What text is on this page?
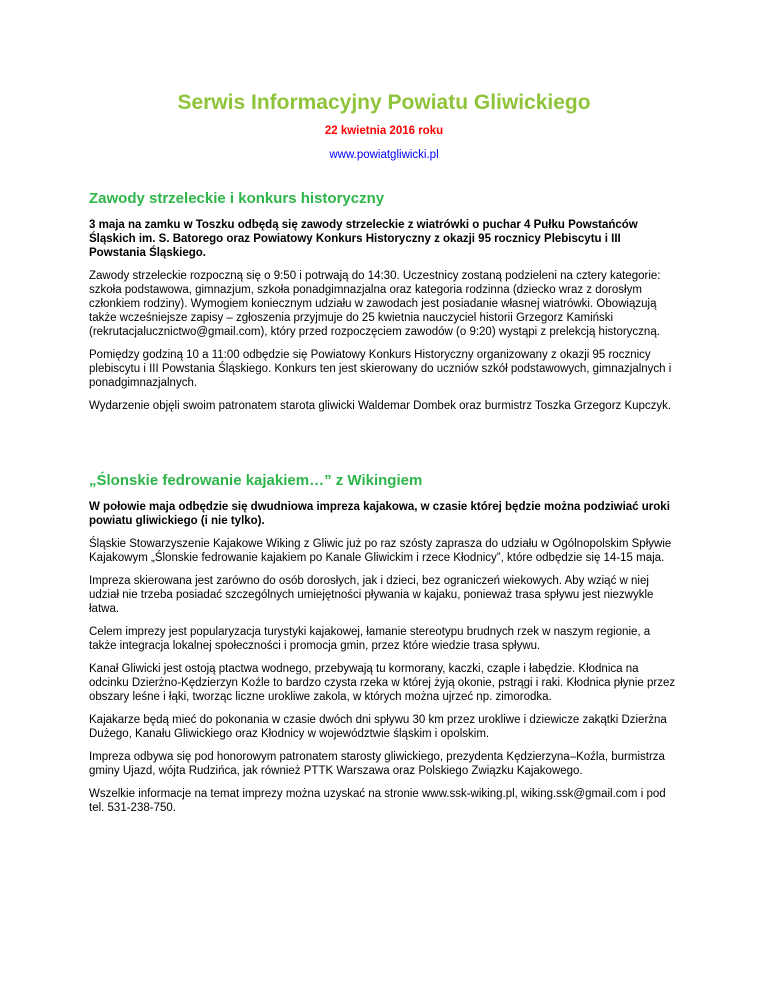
Serwis Informacyjny Powiatu Gliwickiego
22 kwietnia 2016 roku
www.powiatgliwicki.pl
Zawody strzeleckie i konkurs historyczny

3 maja na zamku w Toszku odbędą się zawody strzeleckie z wiatrówki o puchar 4 Pułku Powstańców Śląskich im. S. Batorego oraz Powiatowy Konkurs Historyczny z okazji 95 rocznicy Plebiscytu i III Powstania Śląskiego.

Zawody strzeleckie rozpoczną się o 9:50 i potrwają do 14:30. Uczestnicy zostaną podzieleni na cztery kategorie: szkoła podstawowa, gimnazjum, szkoła ponadgimnazjalna oraz kategoria rodzinna (dziecko wraz z dorosłym członkiem rodziny). Wymogiem koniecznym udziału w zawodach jest posiadanie własnej wiatrówki. Obowiązują także wcześniejsze zapisy – zgłoszenia przyjmuje do 25 kwietnia nauczyciel historii Grzegorz Kamiński (rekrutacjalucznictwo@gmail.com), który przed rozpoczęciem zawodów (o 9:20) wystąpi z prelekcją historyczną.

Pomiędzy godziną 10 a 11:00 odbędzie się Powiatowy Konkurs Historyczny organizowany z okazji 95 rocznicy plebiscytu i III Powstania Śląskiego. Konkurs ten jest skierowany do uczniów szkół podstawowych, gimnazjalnych i ponadgimnazjalnych.

Wydarzenie objęli swoim patronatem starota gliwicki Waldemar Dombek oraz burmistrz Toszka Grzegorz Kupczyk.

„Ślonskie fedrowanie kajakiem…” z Wikingiem

W połowie maja odbędzie się dwudniowa impreza kajakowa, w czasie której będzie można podziwiać uroki powiatu gliwickiego (i nie tylko).

Śląskie Stowarzyszenie Kajakowe Wiking z Gliwic już po raz szósty zaprasza do udziału w Ogólnopolskim Spływie Kajakowym „Ślonskie fedrowanie kajakiem po Kanale Gliwickim i rzece Kłodnicy”, które odbędzie się 14-15 maja.

Impreza skierowana jest zarówno do osób dorosłych, jak i dzieci, bez ograniczeń wiekowych. Aby wziąć w niej udział nie trzeba posiadać szczególnych umiejętności pływania w kajaku, ponieważ trasa spływu jest niezwykle łatwa.

Celem imprezy jest popularyzacja turystyki kajakowej, łamanie stereotypu brudnych rzek w naszym regionie, a także integracja lokalnej społeczności i promocja gmin, przez które wiedzie trasa spływu.

Kanał Gliwicki jest ostoją ptactwa wodnego, przebywają tu kormorany, kaczki, czaple i łabędzie. Kłodnica na odcinku Dzierżno-Kędzierzyn Koźle to bardzo czysta rzeka w której żyją okonie, pstrągi i raki. Kłodnica płynie przez obszary leśne i łąki, tworząc liczne urokliwe zakola, w których można ujrzeć np. zimorodka.

Kajakarze będą mieć do pokonania w czasie dwóch dni spływu 30 km przez urokliwe i dziewicze zakątki Dzierżna Dużego, Kanału Gliwickiego oraz Kłodnicy w województwie śląskim i opolskim.

Impreza odbywa się pod honorowym patronatem starosty gliwickiego, prezydenta Kędzierzyna–Koźla, burmistrza gminy Ujazd, wójta Rudzińca, jak również PTTK Warszawa oraz Polskiego Związku Kajakowego.

Wszelkie informacje na temat imprezy można uzyskać na stronie www.ssk-wiking.pl, wiking.ssk@gmail.com i pod tel. 531-238-750.
